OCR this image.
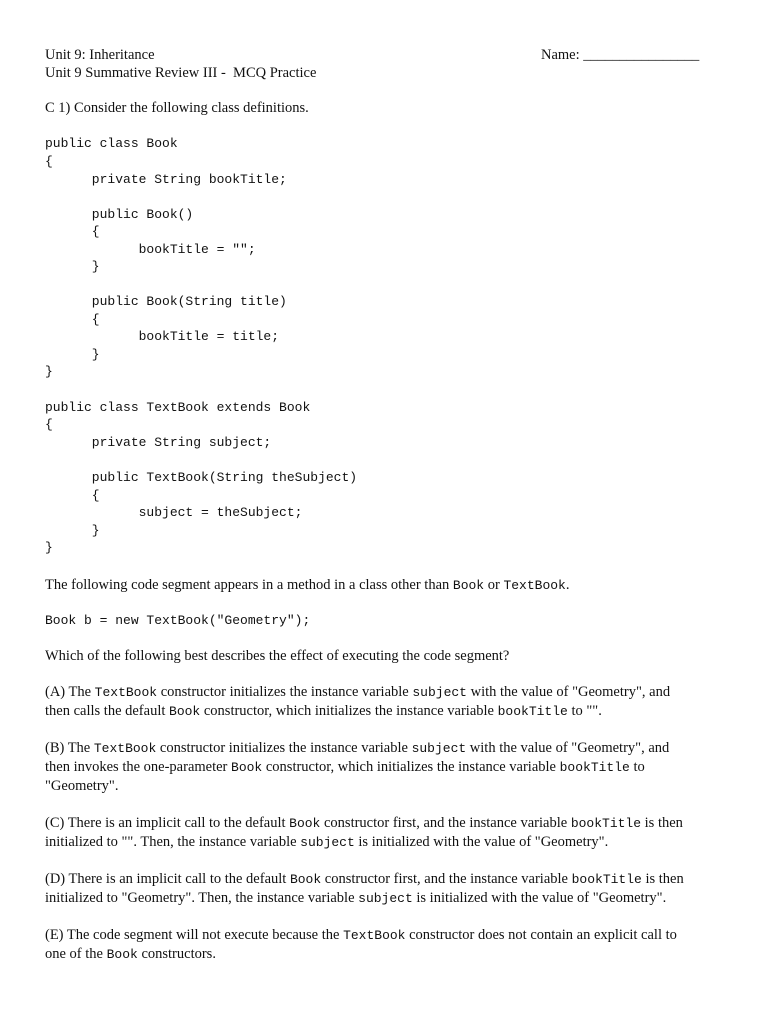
Unit 9: Inheritance
Unit 9 Summative Review III -  MCQ Practice
Name: ________________
C 1) Consider the following class definitions.
public class Book
{
private String bookTitle;
public Book()
{
bookTitle = "";
}
public Book(String title)
{
bookTitle = title;
}
}
public class TextBook extends Book
{
private String subject;
public TextBook(String theSubject)
{
subject = theSubject;
}
}
The following code segment appears in a method in a class other than Book or TextBook.
Book b = new TextBook("Geometry");
Which of the following best describes the effect of executing the code segment?
(A) The TextBook constructor initializes the instance variable subject with the value of "Geometry", and
then calls the default Book constructor, which initializes the instance variable bookTitle to "".
(B) The TextBook constructor initializes the instance variable subject with the value of "Geometry", and
then invokes the one-parameter Book constructor, which initializes the instance variable bookTitle to
"Geometry".
(C) There is an implicit call to the default Book constructor first, and the instance variable bookTitle is then
initialized to "". Then, the instance variable subject is initialized with the value of "Geometry".
(D) There is an implicit call to the default Book constructor first, and the instance variable bookTitle is then
initialized to "Geometry". Then, the instance variable subject is initialized with the value of "Geometry".
(E) The code segment will not execute because the TextBook constructor does not contain an explicit call to
one of the Book constructors.
